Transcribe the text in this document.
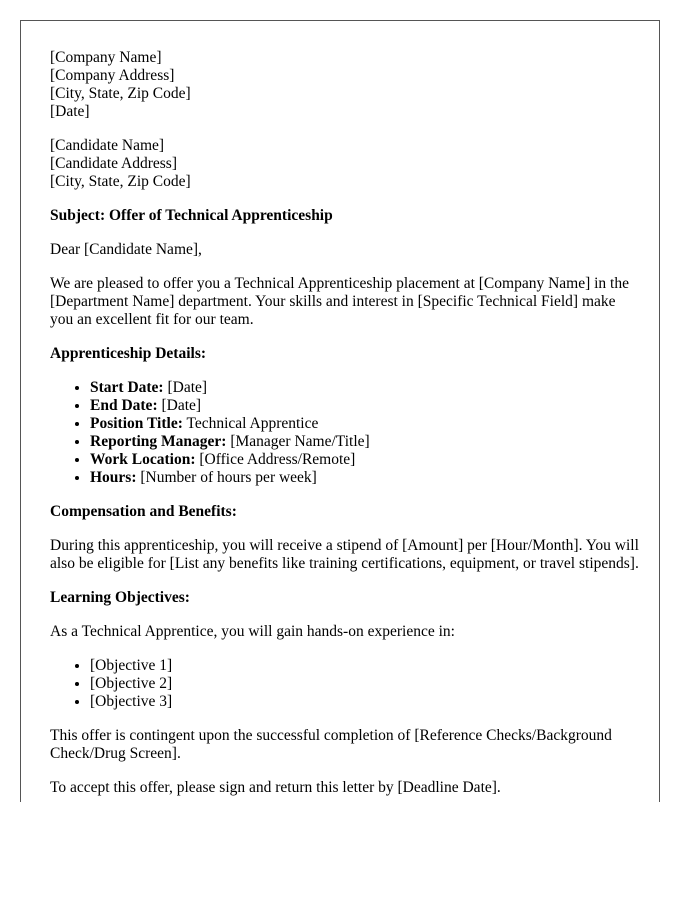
[Company Name]
[Company Address]
[City, State, Zip Code]
[Date]

[Candidate Name]
[Candidate Address]
[City, State, Zip Code]

Subject: Offer of Technical Apprenticeship

Dear [Candidate Name],

We are pleased to offer you a Technical Apprenticeship placement at [Company Name] in the [Department Name] department. Your skills and interest in [Specific Technical Field] make you an excellent fit for our team.

Apprenticeship Details:

• Start Date: [Date]
• End Date: [Date]
• Position Title: Technical Apprentice
• Reporting Manager: [Manager Name/Title]
• Work Location: [Office Address/Remote]
• Hours: [Number of hours per week]

Compensation and Benefits:

During this apprenticeship, you will receive a stipend of [Amount] per [Hour/Month]. You will also be eligible for [List any benefits like training certifications, equipment, or travel stipends].

Learning Objectives:

As a Technical Apprentice, you will gain hands-on experience in:

• [Objective 1]
• [Objective 2]
• [Objective 3]

This offer is contingent upon the successful completion of [Reference Checks/Background Check/Drug Screen].

To accept this offer, please sign and return this letter by [Deadline Date].
